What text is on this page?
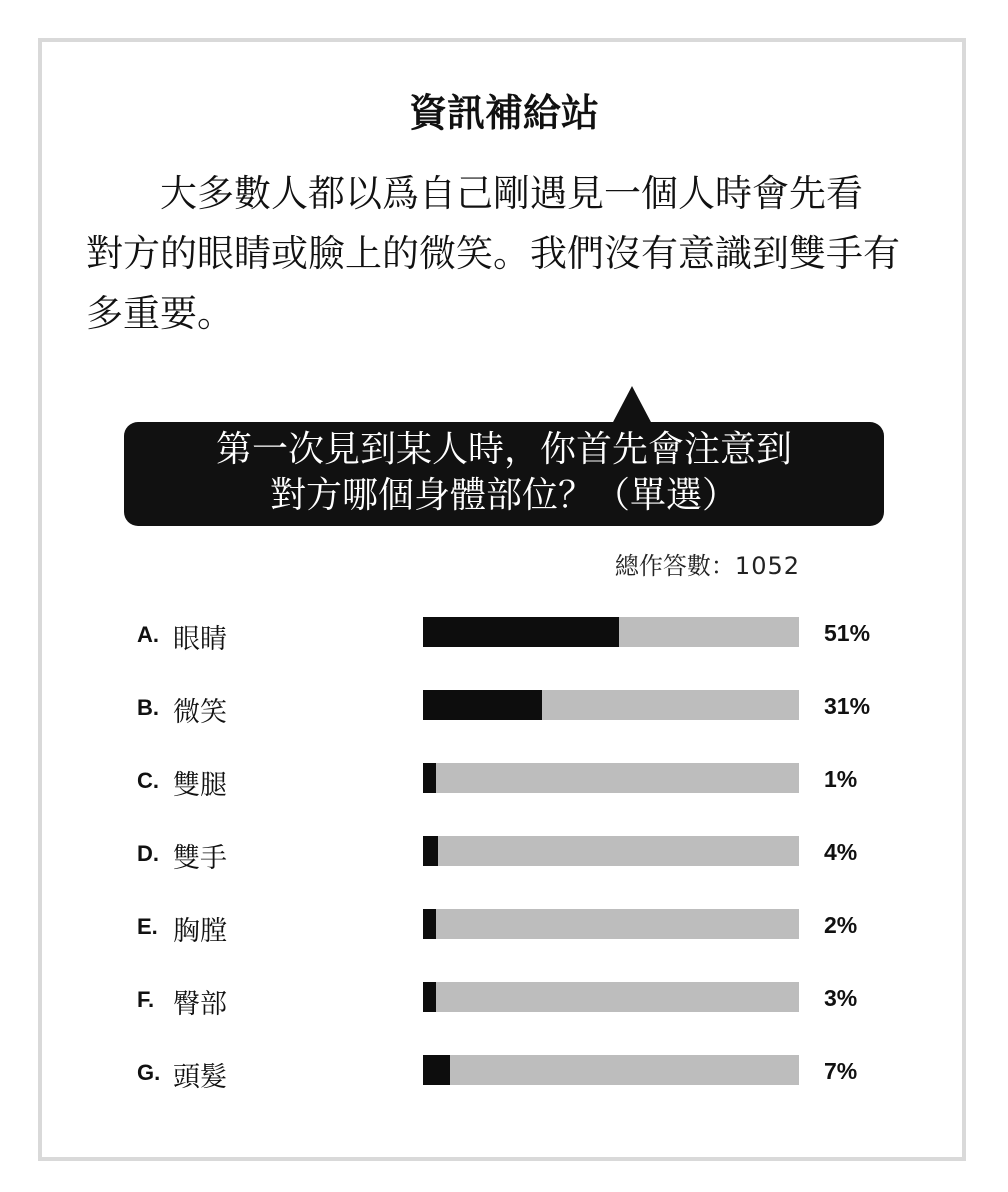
資訊補給站
大多數人都以爲自己剛遇見一個人時會先看
對方的眼睛或臉上的微笑。我們沒有意識到雙手有
多重要。
第一次見到某人時，你首先會注意到
對方哪個身體部位？（單選）
總作答數：1052
A. 眼睛	51%
B. 微笑	31%
C. 雙腿	1%
D. 雙手	4%
E. 胸膛	2%
F. 臀部	3%
G. 頭髮	7%
